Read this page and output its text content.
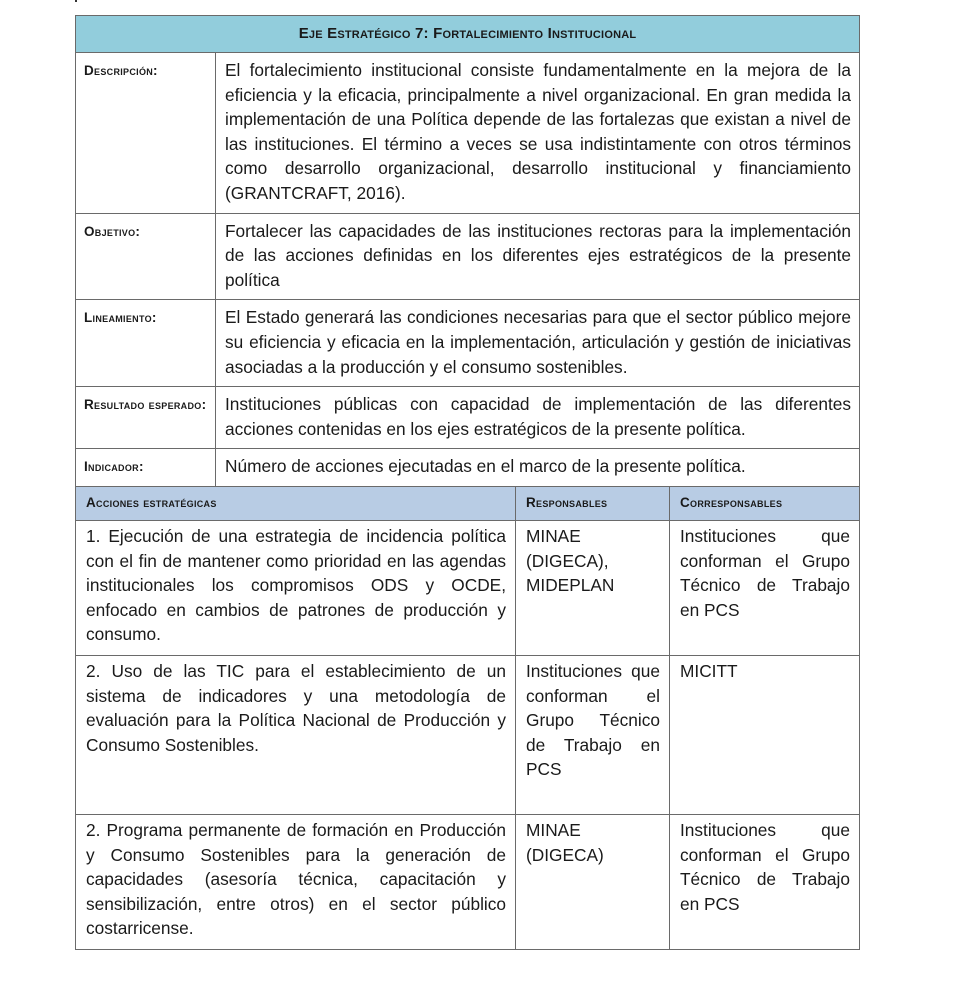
Eje Estratégico 7: Fortalecimiento Institucional			
Descripción:	El fortalecimiento institucional consiste fundamentalmente en la mejora de la eficiencia y la eficacia, principalmente a nivel organizacional. En gran medida la implementación de una Política depende de las fortalezas que existan a nivel de las instituciones. El término a veces se usa indistintamente con otros términos como desarrollo organizacional, desarrollo institucional y financiamiento (GRANTCRAFT, 2016).		
Objetivo:	Fortalecer las capacidades de las instituciones rectoras para la implementación de las acciones definidas en los diferentes ejes estratégicos de la presente política		
Lineamiento:	El Estado generará las condiciones necesarias para que el sector público mejore su eficiencia y eficacia en la implementación, articulación y gestión de iniciativas asociadas a la producción y el consumo sostenibles.		
Resultado esperado:	Instituciones públicas con capacidad de implementación de las diferentes acciones contenidas en los ejes estratégicos de la presente política.		
Indicador:	Número de acciones ejecutadas en el marco de la presente política.		
Acciones estratégicas		Responsables	Corresponsables
1. Ejecución de una estrategia de incidencia política con el fin de mantener como prioridad en las agendas institucionales los compromisos ODS y OCDE, enfocado en cambios de patrones de producción y consumo.		MINAE (DIGECA), MIDEPLAN	Instituciones que conforman el Grupo Técnico de Trabajo en PCS
2. Uso de las TIC para el establecimiento de un sistema de indicadores y una metodología de evaluación para la Política Nacional de Producción y Consumo Sostenibles.		Instituciones que conforman el Grupo Técnico de Trabajo en PCS	MICITT
2. Programa permanente de formación en Producción y Consumo Sostenibles para la generación de capacidades (asesoría técnica, capacitación y sensibilización, entre otros) en el sector público costarricense.		MINAE (DIGECA)	Instituciones que conforman el Grupo Técnico de Trabajo en PCS
